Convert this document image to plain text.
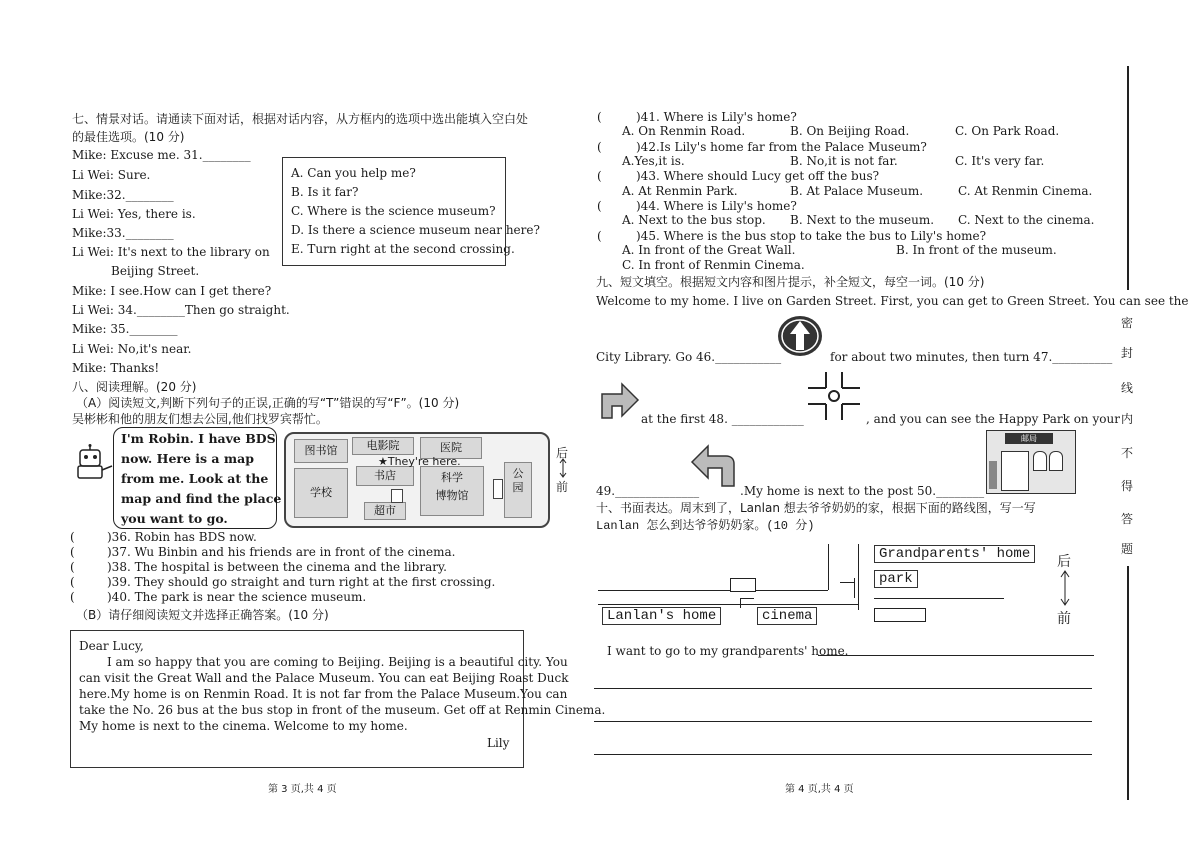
七、情景对话。请通读下面对话，根据对话内容，从方框内的选项中选出能填入空白处
的最佳选项。(10 分)
Mike: Excuse me. 31.________
Li Wei: Sure.
Mike:32.________
Li Wei: Yes, there is.
Mike:33.________
Li Wei: It's next to the library on
Beijing Street.
Mike: I see.How can I get there?
Li Wei: 34.________Then go straight.
Mike: 35.________
Li Wei: No,it's near.
Mike: Thanks!
A. Can you help me?
B. Is it far?
C. Where is the science museum?
D. Is there a science museum near here?
E. Turn right at the second crossing.
八、阅读理解。(20 分)
（A）阅读短文,判断下列句子的正误,正确的写“T”错误的写“F”。(10 分)
吴彬彬和他的朋友们想去公园,他们找罗宾帮忙。
I'm Robin. I have BDS
now. Here is a map
from me. Look at the
map and find the place
you want to go.
图书馆	电影院	医院
学校
书店	科学
博物馆
公
园
超市
★They're here.
后
前
(	)36. Robin has BDS now.
(	)37. Wu Binbin and his friends are in front of the cinema.
(	)38. The hospital is between the cinema and the library.
(	)39. They should go straight and turn right at the first crossing.
(	)40. The park is near the science museum.
（B）请仔细阅读短文并选择正确答案。(10 分)
Dear Lucy,
I am so happy that you are coming to Beijing. Beijing is a beautiful city. You
can visit the Great Wall and the Palace Museum. You can eat Beijing Roast Duck
here.My home is on Renmin Road. It is not far from the Palace Museum.You can
take the No. 26 bus at the bus stop in front of the museum. Get off at Renmin Cinema.
My home is next to the cinema. Welcome to my home.
Lily
第 3 页,共 4 页
(	)41. Where is Lily's home?
A. On Renmin Road.	B. On Beijing Road.	C. On Park Road.
(	)42.Is Lily's home far from the Palace Museum?
A.Yes,it is.	B. No,it is not far.	C. It's very far.
(	)43. Where should Lucy get off the bus?
A. At Renmin Park.	B. At Palace Museum.	C. At Renmin Cinema.
(	)44. Where is Lily's home?
A. Next to the bus stop. B. Next to the museum. C. Next to the cinema.
(	)45. Where is the bus stop to take the bus to Lily's home?
A. In front of the Great Wall.	B. In front of the museum.
C. In front of Renmin Cinema.
九、短文填空。根据短文内容和图片提示，补全短文，每空一词。(10 分)
Welcome to my home. I live on Garden Street. First, you can get to Green Street. You can see the
City Library. Go 46.___________	for about two minutes, then turn 47.__________
at the first 48. ____________	, and you can see the Happy Park on your
49.______________	.My home is next to the post 50.________
邮局
十、书面表达。周末到了，Lanlan 想去爷爷奶奶的家，根据下面的路线图，写一写
Lanlan 怎么到达爷爷奶奶家。(10 分)
Lanlan's home	cinema
Grandparents' home
park
后
前
I want to go to my grandparents' home.
第 4 页,共 4 页
密
封
线
内
不
得
答
题
